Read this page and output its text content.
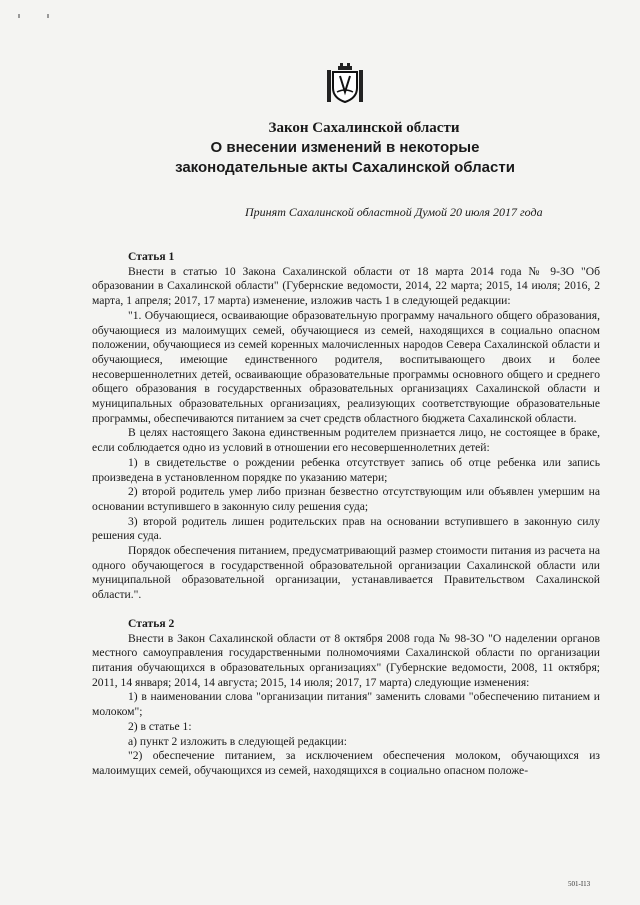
Закон Сахалинской области
О внесении изменений в некоторые
законодательные акты Сахалинской области
Принят Сахалинской областной Думой 20 июля 2017 года

Статья 1

Внести в статью 10 Закона Сахалинской области от 18 марта 2014 года № 9-ЗО "Об образовании в Сахалинской области" (Губернские ведомости, 2014, 22 марта; 2015, 14 июля; 2016, 2 марта, 1 апреля; 2017, 17 марта) изменение, изложив часть 1 в следующей редакции:

"1. Обучающиеся, осваивающие образовательную программу начального общего образования, обучающиеся из малоимущих семей, обучающиеся из семей, находящихся в социально опасном положении, обучающиеся из семей коренных малочисленных народов Севера Сахалинской области и обучающиеся, имеющие единственного родителя, воспитывающего двоих и более несовершеннолетних детей, осваивающие образовательные программы основного общего и среднего общего образования в государственных образовательных организациях Сахалинской области и муниципальных образовательных организациях, реализующих соответствующие образовательные программы, обеспечиваются питанием за счет средств областного бюджета Сахалинской области.

В целях настоящего Закона единственным родителем признается лицо, не состоящее в браке, если соблюдается одно из условий в отношении его несовершеннолетних детей:

1) в свидетельстве о рождении ребенка отсутствует запись об отце ребенка или запись произведена в установленном порядке по указанию матери;

2) второй родитель умер либо признан безвестно отсутствующим или объявлен умершим на основании вступившего в законную силу решения суда;

3) второй родитель лишен родительских прав на основании вступившего в законную силу решения суда.

Порядок обеспечения питанием, предусматривающий размер стоимости питания из расчета на одного обучающегося в государственной образовательной организации Сахалинской области или муниципальной образовательной организации, устанавливается Правительством Сахалинской области.".

Статья 2

Внести в Закон Сахалинской области от 8 октября 2008 года № 98-ЗО "О наделении органов местного самоуправления государственными полномочиями Сахалинской области по организации питания обучающихся в образовательных организациях" (Губернские ведомости, 2008, 11 октября; 2011, 14 января; 2014, 14 августа; 2015, 14 июля; 2017, 17 марта) следующие изменения:

1) в наименовании слова "организации питания" заменить словами "обеспечению питанием и молоком";

2) в статье 1:

а) пункт 2 изложить в следующей редакции:

"2) обеспечение питанием, за исключением обеспечения молоком, обучающихся из малоимущих семей, обучающихся из семей, находящихся в социально опасном положе-

501-I13
